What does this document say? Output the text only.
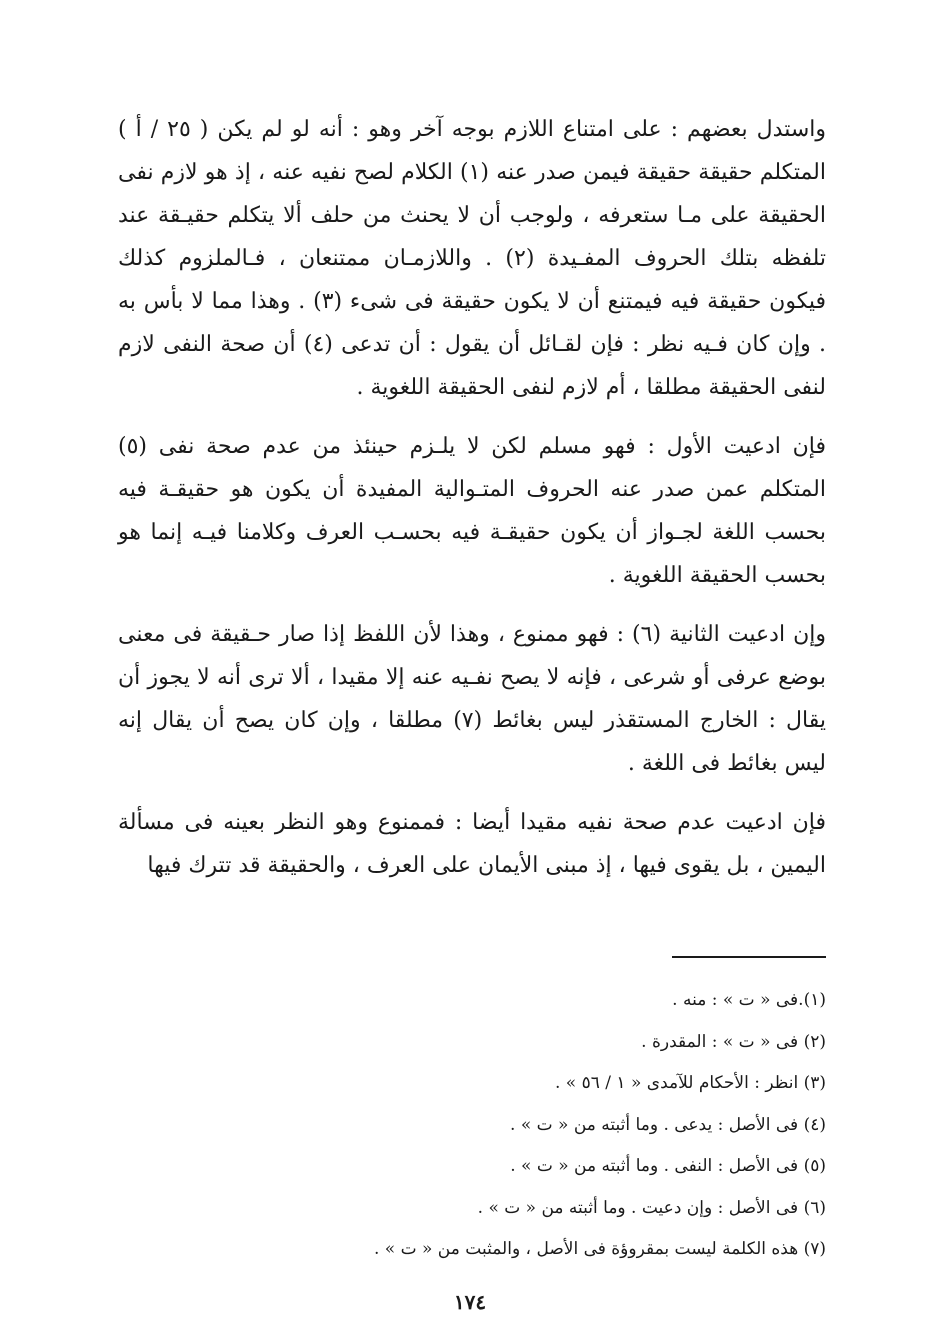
واستدل بعضهم : على امتناع اللازم بوجه آخر وهو : أنه لو لم يكن ( ٢٥ / أ ) المتكلم حقيقة حقيقة فيمن صدر عنه (١) الكلام لصح نفيه عنه ، إذ هو لازم نفى الحقيقة على مـا ستعرفه ، ولوجب أن لا يحنث من حلف ألا يتكلم حقيـقة عند تلفظه بتلك الحروف المفـيدة (٢) . واللازمـان ممتنعان ، فـالملزوم كذلك فيكون حقيقة فيه فيمتنع أن لا يكون حقيقة فى شىء (٣) . وهذا مما لا بأس به . وإن كان فـيه نظر : فإن لقـائل أن يقول : أن تدعى (٤) أن صحة النفى لازم لنفى الحقيقة مطلقا ، أم لازم لنفى الحقيقة اللغوية .

فإن ادعيت الأول : فهو مسلم لكن لا يلـزم حينئذ من عدم صحة نفى (٥) المتكلم عمن صدر عنه الحروف المتـوالية المفيدة أن يكون هو حقيقـة فيه بحسب اللغة لجـواز أن يكون حقيقـة فيه بحسـب العرف وكلامنا فيـه إنما هو بحسب الحقيقة اللغوية .

وإن ادعيت الثانية (٦) : فهو ممنوع ، وهذا لأن اللفظ إذا صار حـقيقة فى معنى بوضع عرفى أو شرعى ، فإنه لا يصح نفـيه عنه إلا مقيدا ، ألا ترى أنه لا يجوز أن يقال : الخارج المستقذر ليس بغائط (٧) مطلقا ، وإن كان يصح أن يقال إنه ليس بغائط فى اللغة .

فإن ادعيت عدم صحة نفيه مقيدا أيضا : فممنوع وهو النظر بعينه فى مسألة اليمين ، بل يقوى فيها ، إذ مبنى الأيمان على العرف ، والحقيقة قد تترك فيها

(١).فى « ت » : منه .
(٢) فى « ت » : المقدرة .
(٣) انظر : الأحكام للآمدى « ١ / ٥٦ » .
(٤) فى الأصل : يدعى . وما أثبته من « ت » .
(٥) فى الأصل : النفى . وما أثبته من « ت » .
(٦) فى الأصل : وإن دعيت . وما أثبته من « ت » .
(٧) هذه الكلمة ليست بمقروؤة فى الأصل ، والمثبت من « ت » .
١٧٤
